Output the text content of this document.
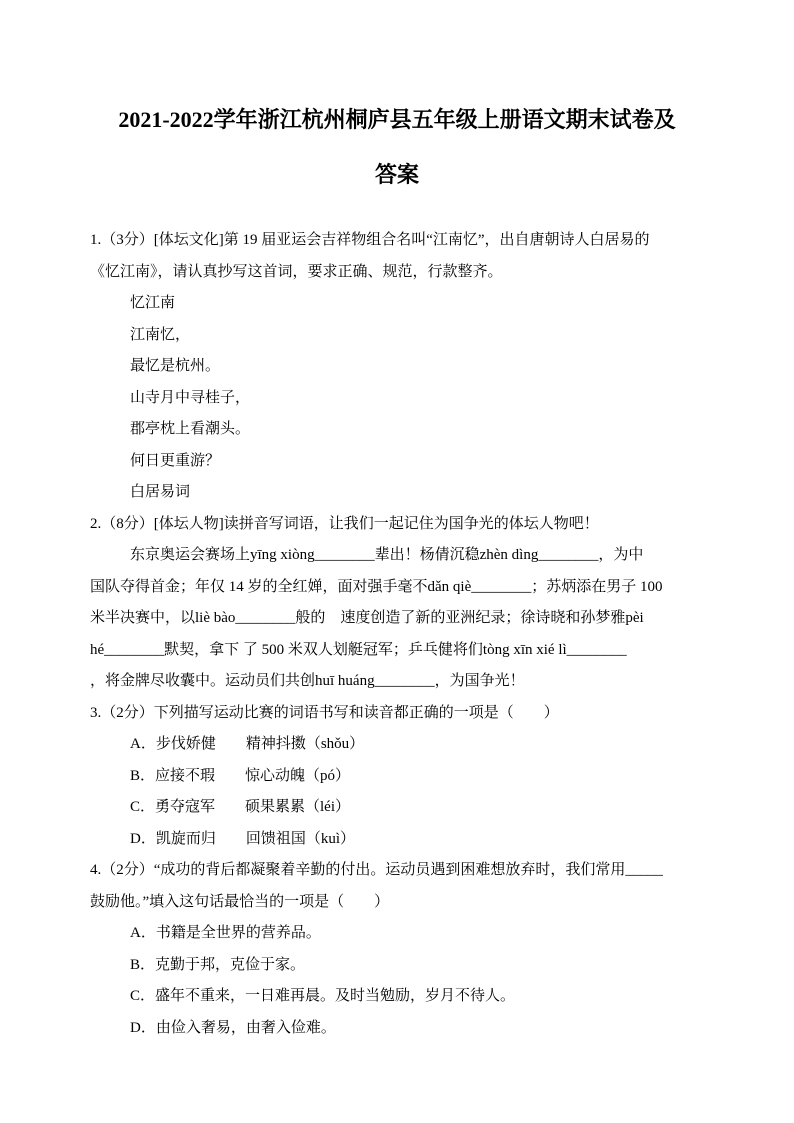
2021-2022学年浙江杭州桐庐县五年级上册语文期末试卷及
答案
1.（3分）[体坛文化]第 19 届亚运会吉祥物组合名叫“江南忆”，出自唐朝诗人白居易的
《忆江南》，请认真抄写这首词，要求正确、规范，行款整齐。
忆江南
江南忆，
最忆是杭州。
山寺月中寻桂子，
郡亭枕上看潮头。
何日更重游？
白居易词
2.（8分）[体坛人物]读拼音写词语，让我们一起记住为国争光的体坛人物吧！
东京奥运会赛场上yīng xiòng________辈出！杨倩沉稳zhèn dìng________，为中
国队夺得首金；年仅 14 岁的全红婵，面对强手毫不dǎn qiè________；苏炳添在男子 100
米半决赛中，以liè bào________般的　速度创造了新的亚洲纪录；徐诗晓和孙梦雅pèi
hé________默契，拿下 了 500 米双人划艇冠军；乒乓健将们tòng xīn xié lì________
，将金牌尽收囊中。运动员们共创huī huáng________，为国争光！
3.（2分）下列描写运动比赛的词语书写和读音都正确的一项是（　　）
A．步伐娇健　　精神抖擞（shǒu）
B．应接不瑕　　惊心动魄（pó）
C．勇夺寇军　　硕果累累（léi）
D．凯旋而归　　回馈祖国（kuì）
4.（2分）“成功的背后都凝聚着辛勤的付出。运动员遇到困难想放弃时，我们常用_____
鼓励他。”填入这句话最恰当的一项是（　　）
A．书籍是全世界的营养品。
B．克勤于邦，克俭于家。
C．盛年不重来，一日难再晨。及时当勉励，岁月不待人。
D．由俭入奢易，由奢入俭难。
